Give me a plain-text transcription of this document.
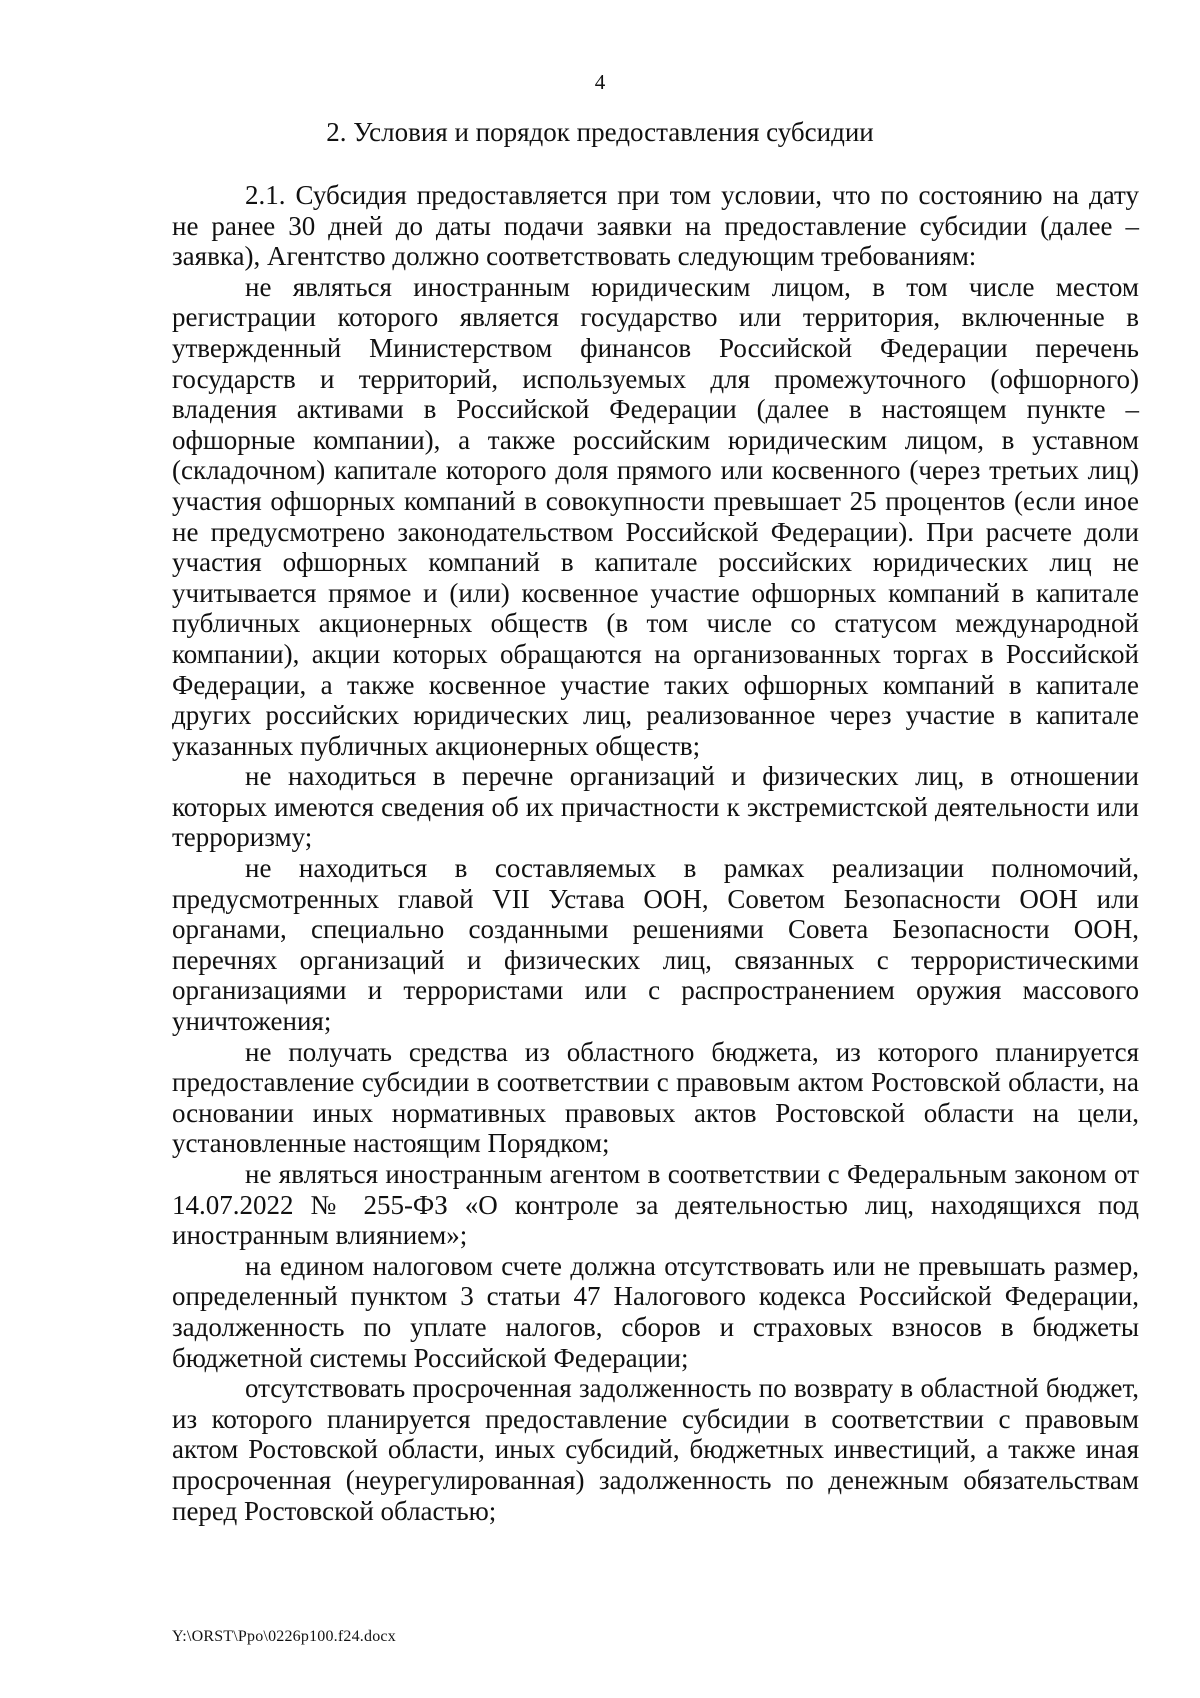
4
2. Условия и порядок предоставления субсидии

2.1. Субсидия предоставляется при том условии, что по состоянию на дату не ранее 30 дней до даты подачи заявки на предоставление субсидии (далее – заявка), Агентство должно соответствовать следующим требованиям:

не являться иностранным юридическим лицом, в том числе местом регистрации которого является государство или территория, включенные в утвержденный Министерством финансов Российской Федерации перечень государств и территорий, используемых для промежуточного (офшорного) владения активами в Российской Федерации (далее в настоящем пункте – офшорные компании), а также российским юридическим лицом, в уставном (складочном) капитале которого доля прямого или косвенного (через третьих лиц) участия офшорных компаний в совокупности превышает 25 процентов (если иное не предусмотрено законодательством Российской Федерации). При расчете доли участия офшорных компаний в капитале российских юридических лиц не учитывается прямое и (или) косвенное участие офшорных компаний в капитале публичных акционерных обществ (в том числе со статусом международной компании), акции которых обращаются на организованных торгах в Российской Федерации, а также косвенное участие таких офшорных компаний в капитале других российских юридических лиц, реализованное через участие в капитале указанных публичных акционерных обществ;

не находиться в перечне организаций и физических лиц, в отношении которых имеются сведения об их причастности к экстремистской деятельности или терроризму;

не находиться в составляемых в рамках реализации полномочий, предусмотренных главой VII Устава ООН, Советом Безопасности ООН или органами, специально созданными решениями Совета Безопасности ООН, перечнях организаций и физических лиц, связанных с террористическими организациями и террористами или с распространением оружия массового уничтожения;

не получать средства из областного бюджета, из которого планируется предоставление субсидии в соответствии с правовым актом Ростовской области, на основании иных нормативных правовых актов Ростовской области на цели, установленные настоящим Порядком;

не являться иностранным агентом в соответствии с Федеральным законом от 14.07.2022 № 255-ФЗ «О контроле за деятельностью лиц, находящихся под иностранным влиянием»;

на едином налоговом счете должна отсутствовать или не превышать размер, определенный пунктом 3 статьи 47 Налогового кодекса Российской Федерации, задолженность по уплате налогов, сборов и страховых взносов в бюджеты бюджетной системы Российской Федерации;

отсутствовать просроченная задолженность по возврату в областной бюджет, из которого планируется предоставление субсидии в соответствии с правовым актом Ростовской области, иных субсидий, бюджетных инвестиций, а также иная просроченная (неурегулированная) задолженность по денежным обязательствам перед Ростовской областью;

Y:\ORST\Ppo\0226p100.f24.docx
